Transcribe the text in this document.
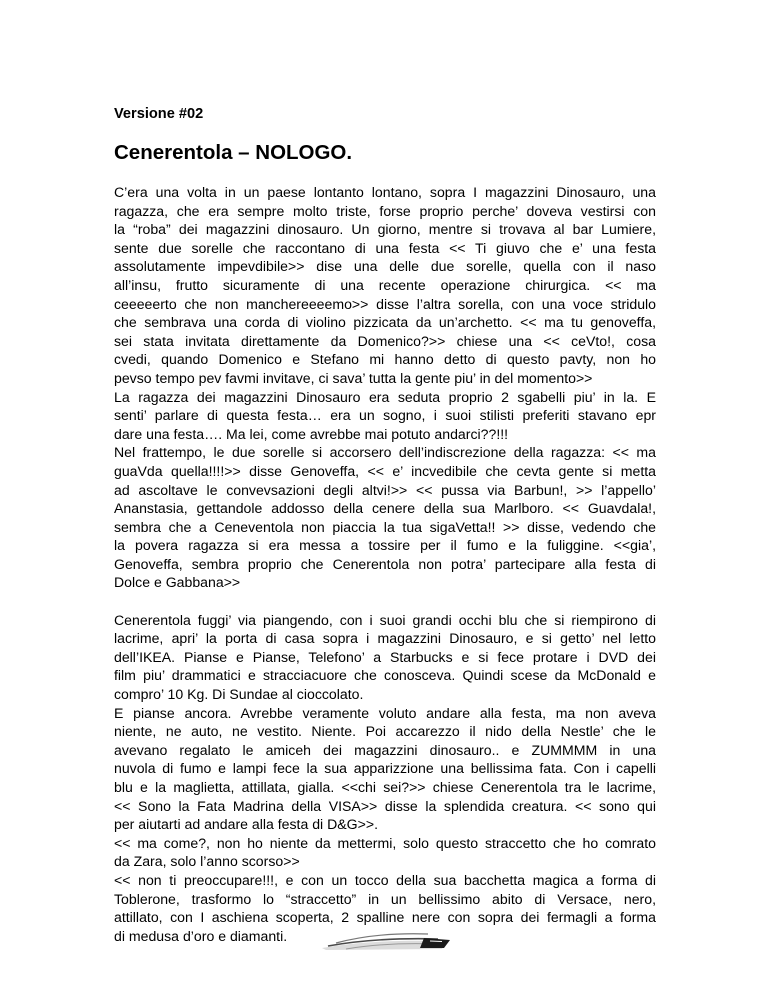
Versione #02
Cenerentola – NOLOGO.
C’era una volta in un paese lontanto lontano, sopra I magazzini Dinosauro, una
ragazza, che era sempre molto triste, forse proprio perche’ doveva vestirsi con
la “roba” dei magazzini dinosauro. Un giorno, mentre si trovava al bar Lumiere,
sente due sorelle che raccontano di una festa << Ti giuvo che e’ una festa
assolutamente impevdibile>> dise una delle due sorelle, quella con il naso
all’insu, frutto sicuramente di una recente operazione chirurgica. << ma
ceeeeerto che non manchereeeemo>> disse l’altra sorella, con una voce stridulo
che sembrava una corda di violino pizzicata da un’archetto. << ma tu genoveffa,
sei stata invitata direttamente da Domenico?>> chiese una << ceVto!, cosa
cvedi, quando Domenico e Stefano mi hanno detto di questo pavty, non ho
pevso tempo pev favmi invitave, ci sava’ tutta la gente piu’ in del momento>>
La ragazza dei magazzini Dinosauro era seduta proprio 2 sgabelli piu’ in la. E
senti’ parlare di questa festa… era un sogno, i suoi stilisti preferiti stavano epr
dare una festa…. Ma lei, come avrebbe mai potuto andarci??!!!
Nel frattempo, le due sorelle si accorsero dell’indiscrezione della ragazza: << ma
guaVda quella!!!!>> disse Genoveffa, << e’ incvedibile che cevta gente si metta
ad ascoltave le convevsazioni degli altvi!>> << pussa via Barbun!, >> l’appello’
Ananstasia, gettandole addosso della cenere della sua Marlboro. << Guavdala!,
sembra che a Ceneventola non piaccia la tua sigaVetta!! >> disse, vedendo che
la povera ragazza si era messa a tossire per il fumo e la fuliggine. <<gia’,
Genoveffa, sembra proprio che Cenerentola non potra’ partecipare alla festa di
Dolce e Gabbana>>
Cenerentola fuggi’ via piangendo, con i suoi grandi occhi blu che si riempirono di
lacrime, apri’ la porta di casa sopra i magazzini Dinosauro, e si getto’ nel letto
dell’IKEA. Pianse e Pianse, Telefono’ a Starbucks e si fece protare i DVD dei
film piu’ drammatici e stracciacuore che conosceva. Quindi scese da McDonald e
compro’ 10 Kg. Di Sundae al cioccolato.
E pianse ancora. Avrebbe veramente voluto andare alla festa, ma non aveva
niente, ne auto, ne vestito. Niente. Poi accarezzo il nido della Nestle’ che le
avevano regalato le amiceh dei magazzini dinosauro.. e ZUMMMM in una
nuvola di fumo e lampi fece la sua apparizzione una bellissima fata. Con i capelli
blu e la maglietta, attillata, gialla. <<chi sei?>> chiese Cenerentola tra le lacrime,
<< Sono la Fata Madrina della VISA>> disse la splendida creatura. << sono qui
per aiutarti ad andare alla festa di D&G>>.
<< ma come?, non ho niente da mettermi, solo questo straccetto che ho comrato
da Zara, solo l’anno scorso>>
<< non ti preoccupare!!!, e con un tocco della sua bacchetta magica a forma di
Toblerone, trasformo lo “straccetto” in un bellissimo abito di Versace, nero,
attillato, con I aschiena scoperta, 2 spalline nere con sopra dei fermagli a forma
di medusa d’oro e diamanti.
